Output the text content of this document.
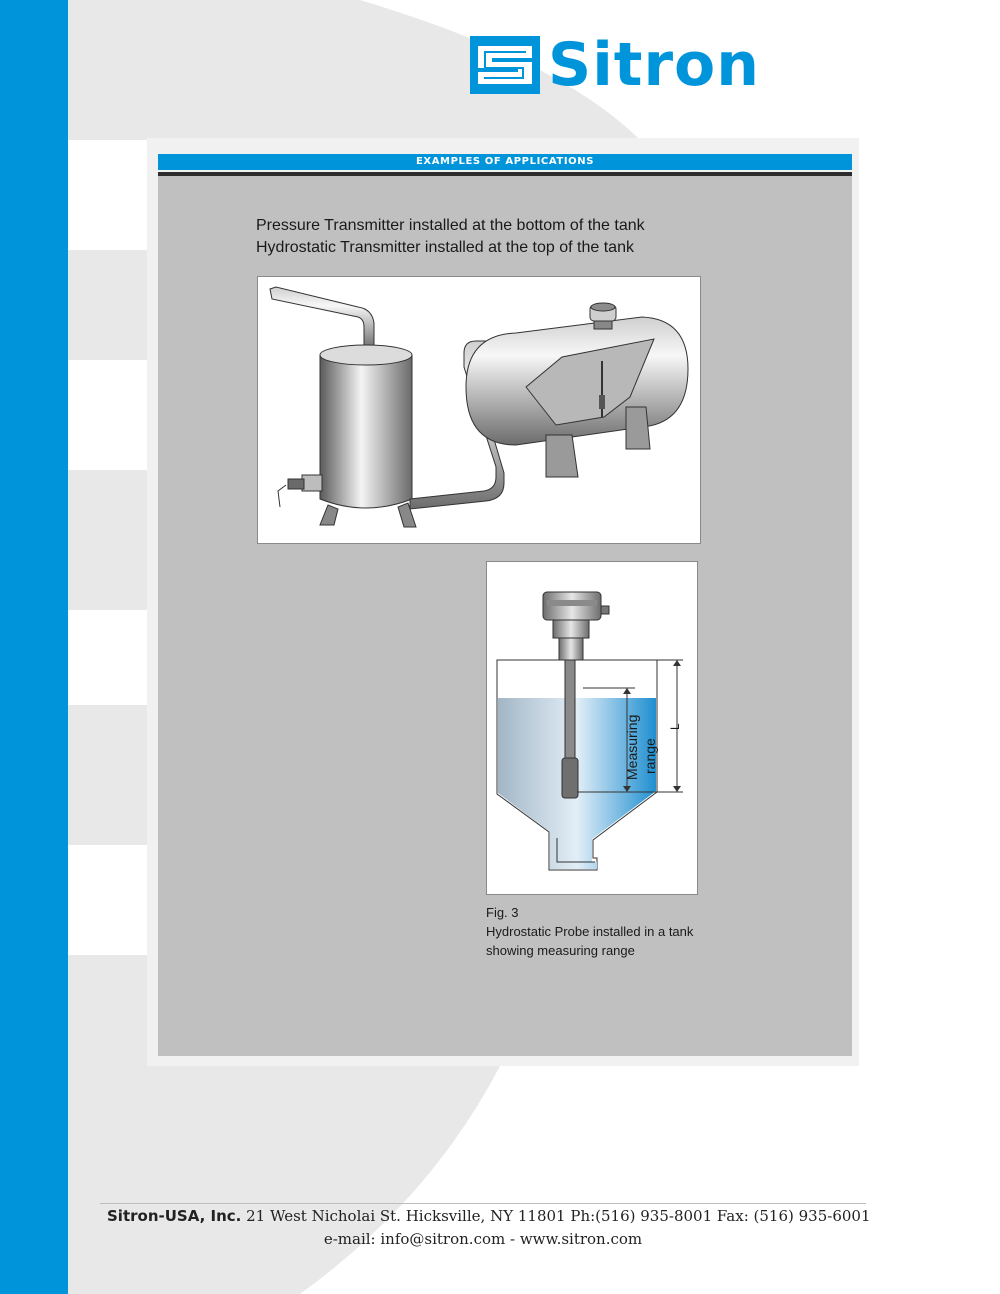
Sitron
EXAMPLES OF APPLICATIONS
Pressure Transmitter installed at the bottom of the tank
Hydrostatic Transmitter installed at the top of the tank
Measuring range
L
Fig. 3
Hydrostatic Probe installed in a tank
showing measuring range
Sitron-USA, Inc. 21 West Nicholai St. Hicksville, NY 11801 Ph:(516) 935-8001 Fax: (516) 935-6001
e-mail: info@sitron.com - www.sitron.com
